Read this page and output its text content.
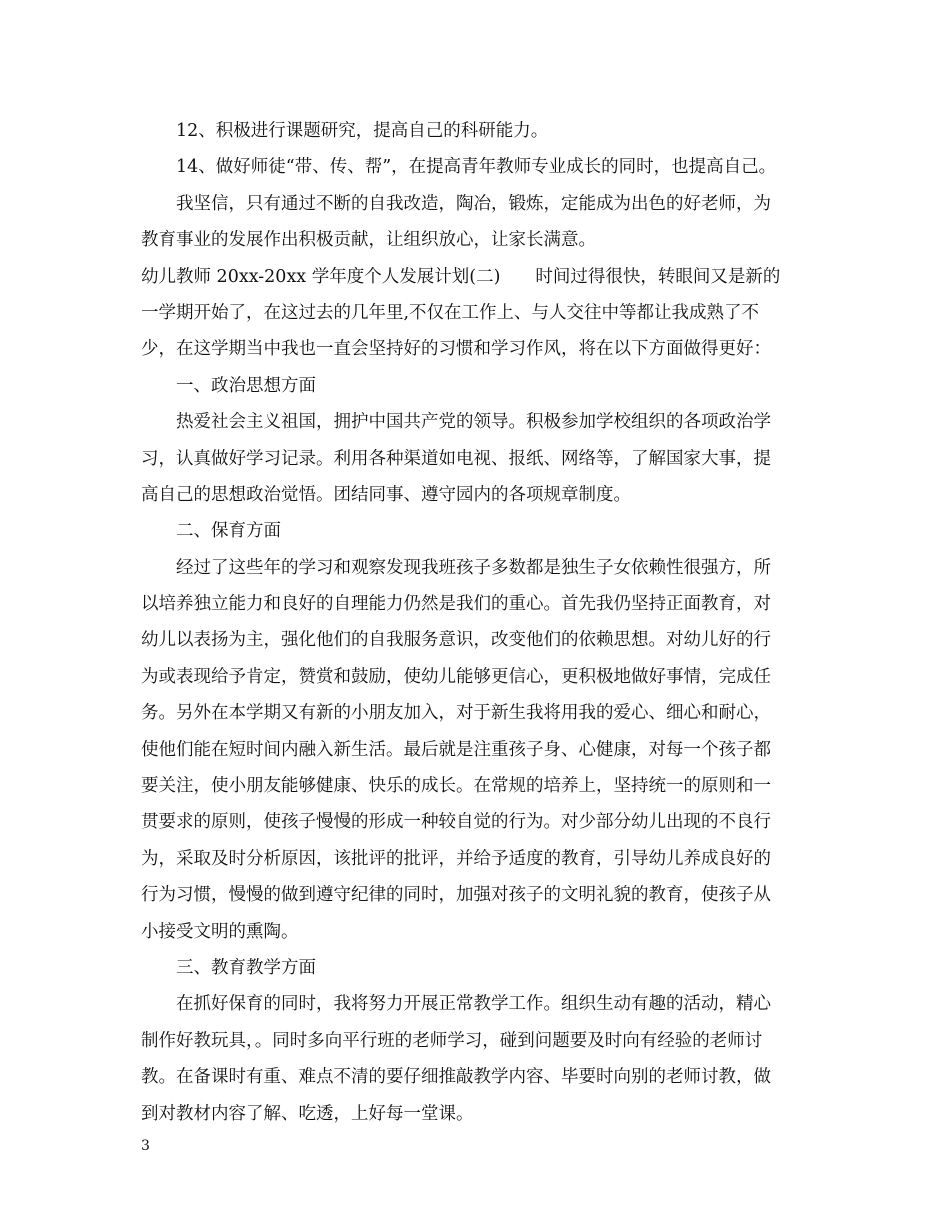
12、积极进行课题研究，提高自己的科研能力。
14、做好师徒“带、传、帮”，在提高青年教师专业成长的同时，也提高自己。
我坚信，只有通过不断的自我改造，陶冶，锻炼，定能成为出色的好老师，为
教育事业的发展作出积极贡献，让组织放心，让家长满意。
幼儿教师 20xx-20xx 学年度个人发展计划(二)　　时间过得很快，转眼间又是新的
一学期开始了，在这过去的几年里,不仅在工作上、与人交往中等都让我成熟了不
少，在这学期当中我也一直会坚持好的习惯和学习作风，将在以下方面做得更好：
一、政治思想方面
热爱社会主义祖国，拥护中国共产党的领导。积极参加学校组织的各项政治学
习，认真做好学习记录。利用各种渠道如电视、报纸、网络等，了解国家大事，提
高自己的思想政治觉悟。团结同事、遵守园内的各项规章制度。
二、保育方面
经过了这些年的学习和观察发现我班孩子多数都是独生子女依赖性很强方，所
以培养独立能力和良好的自理能力仍然是我们的重心。首先我仍坚持正面教育，对
幼儿以表扬为主，强化他们的自我服务意识，改变他们的依赖思想。对幼儿好的行
为或表现给予肯定，赞赏和鼓励，使幼儿能够更信心，更积极地做好事情，完成任
务。另外在本学期又有新的小朋友加入，对于新生我将用我的爱心、细心和耐心，
使他们能在短时间内融入新生活。最后就是注重孩子身、心健康，对每一个孩子都
要关注，使小朋友能够健康、快乐的成长。在常规的培养上，坚持统一的原则和一
贯要求的原则，使孩子慢慢的形成一种较自觉的行为。对少部分幼儿出现的不良行
为，采取及时分析原因，该批评的批评，并给予适度的教育，引导幼儿养成良好的
行为习惯，慢慢的做到遵守纪律的同时，加强对孩子的文明礼貌的教育，使孩子从
小接受文明的熏陶。
三、教育教学方面
在抓好保育的同时，我将努力开展正常教学工作。组织生动有趣的活动，精心
制作好教玩具，。同时多向平行班的老师学习，碰到问题要及时向有经验的老师讨
教。在备课时有重、难点不清的要仔细推敲教学内容、毕要时向别的老师讨教，做
到对教材内容了解、吃透，上好每一堂课。
3
